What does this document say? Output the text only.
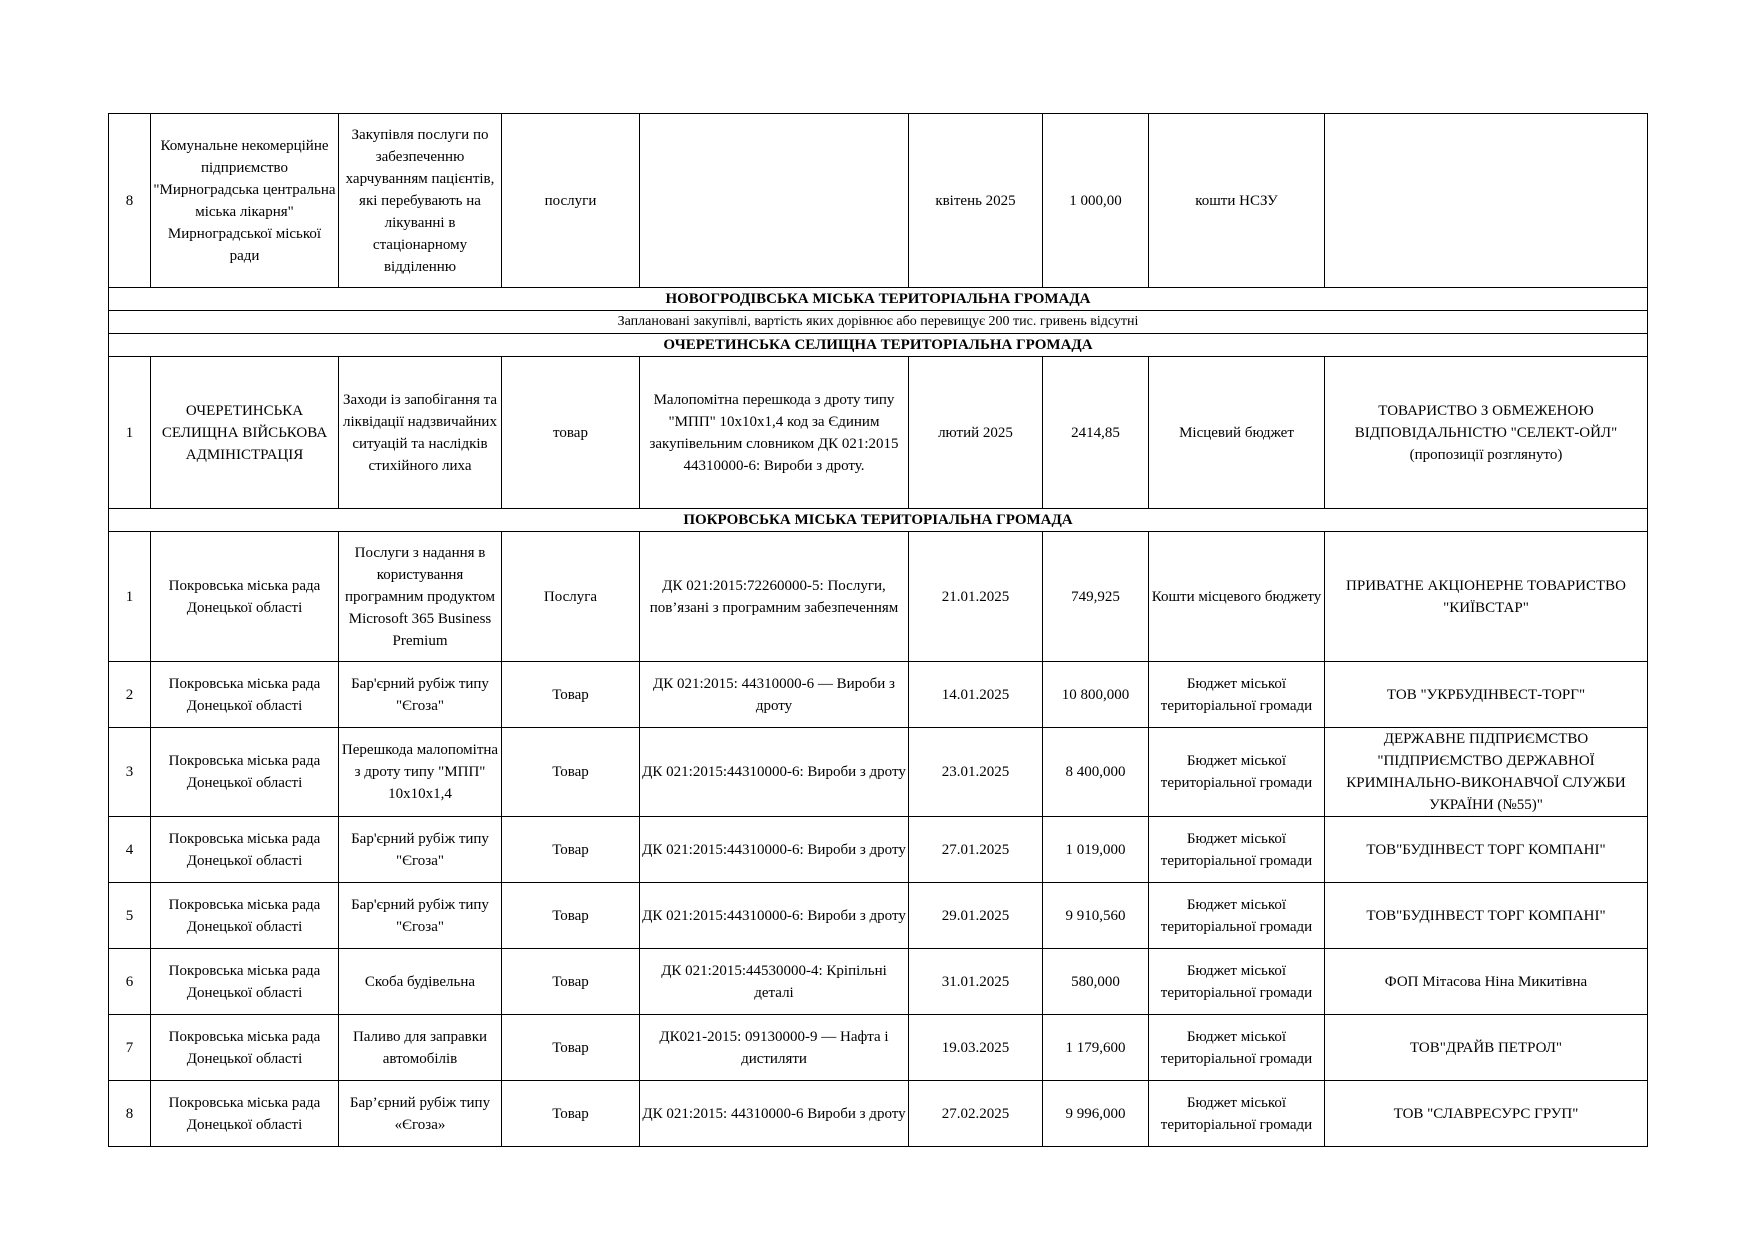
8	Комунальне некомерційне підприємство "Мирноградська центральна міська лікарня" Мирноградської міської ради	Закупівля послуги по забезпеченню харчуванням пацієнтів, які перебувають на лікуванні в стаціонарному відділенню	послуги		квітень 2025	1 000,00	кошти НСЗУ	
НОВОГРОДІВСЬКА МІСЬКА ТЕРИТОРІАЛЬНА ГРОМАДА								
Заплановані закупівлі, вартість яких дорівнює або перевищує 200 тис. гривень відсутні								
ОЧЕРЕТИНСЬКА СЕЛИЩНА ТЕРИТОРІАЛЬНА ГРОМАДА								
1	ОЧЕРЕТИНСЬКА СЕЛИЩНА ВІЙСЬКОВА АДМІНІСТРАЦІЯ	Заходи із запобігання та ліквідації надзвичайних ситуацій та наслідків стихійного лиха	товар	Малопомітна перешкода з дроту типу "МПП" 10х10х1,4 код за Єдиним закупівельним словником ДК 021:2015 44310000-6: Вироби з дроту.	лютий 2025	2414,85	Місцевий бюджет	ТОВАРИСТВО З ОБМЕЖЕНОЮ ВІДПОВІДАЛЬНІСТЮ "СЕЛЕКТ-ОЙЛ" (пропозиції розглянуто)
ПОКРОВСЬКА МІСЬКА ТЕРИТОРІАЛЬНА ГРОМАДА								
1	Покровська міська рада Донецької області	Послуги з надання в користування програмним продуктом Microsoft 365 Business Premium	Послуга	ДК 021:2015:72260000-5: Послуги, пов’язані з програмним забезпеченням	21.01.2025	749,925	Кошти місцевого бюджету	ПРИВАТНЕ АКЦІОНЕРНЕ ТОВАРИСТВО "КИЇВСТАР"
2	Покровська міська рада Донецької області	Бар'єрний рубіж типу "Єгоза"	Товар	ДК 021:2015: 44310000-6 — Вироби з дроту	14.01.2025	10 800,000	Бюджет міської територіальної громади	ТОВ "УКРБУДІНВЕСТ-ТОРГ"
3	Покровська міська рада Донецької області	Перешкода малопомітна з дроту типу "МПП" 10х10х1,4	Товар	ДК 021:2015:44310000-6: Вироби з дроту	23.01.2025	8 400,000	Бюджет міської територіальної громади	ДЕРЖАВНЕ ПІДПРИЄМСТВО "ПІДПРИЄМСТВО ДЕРЖАВНОЇ КРИМІНАЛЬНО-ВИКОНАВЧОЇ СЛУЖБИ УКРАЇНИ (№55)"
4	Покровська міська рада Донецької області	Бар'єрний рубіж типу "Єгоза"	Товар	ДК 021:2015:44310000-6: Вироби з дроту	27.01.2025	1 019,000	Бюджет міської територіальної громади	ТОВ"БУДІНВЕСТ ТОРГ КОМПАНІ"
5	Покровська міська рада Донецької області	Бар'єрний рубіж типу "Єгоза"	Товар	ДК 021:2015:44310000-6: Вироби з дроту	29.01.2025	9 910,560	Бюджет міської територіальної громади	ТОВ"БУДІНВЕСТ ТОРГ КОМПАНІ"
6	Покровська міська рада Донецької області	Скоба будівельна	Товар	ДК 021:2015:44530000-4: Кріпільні деталі	31.01.2025	580,000	Бюджет міської територіальної громади	ФОП Мітасова Ніна Микитівна
7	Покровська міська рада Донецької області	Паливо для заправки автомобілів	Товар	ДК021-2015: 09130000-9 — Нафта і дистиляти	19.03.2025	1 179,600	Бюджет міської територіальної громади	ТОВ"ДРАЙВ ПЕТРОЛ"
8	Покровська міська рада Донецької області	Бар’єрний рубіж типу «Єгоза»	Товар	ДК 021:2015: 44310000-6 Вироби з дроту	27.02.2025	9 996,000	Бюджет міської територіальної громади	ТОВ "СЛАВРЕСУРС ГРУП"
